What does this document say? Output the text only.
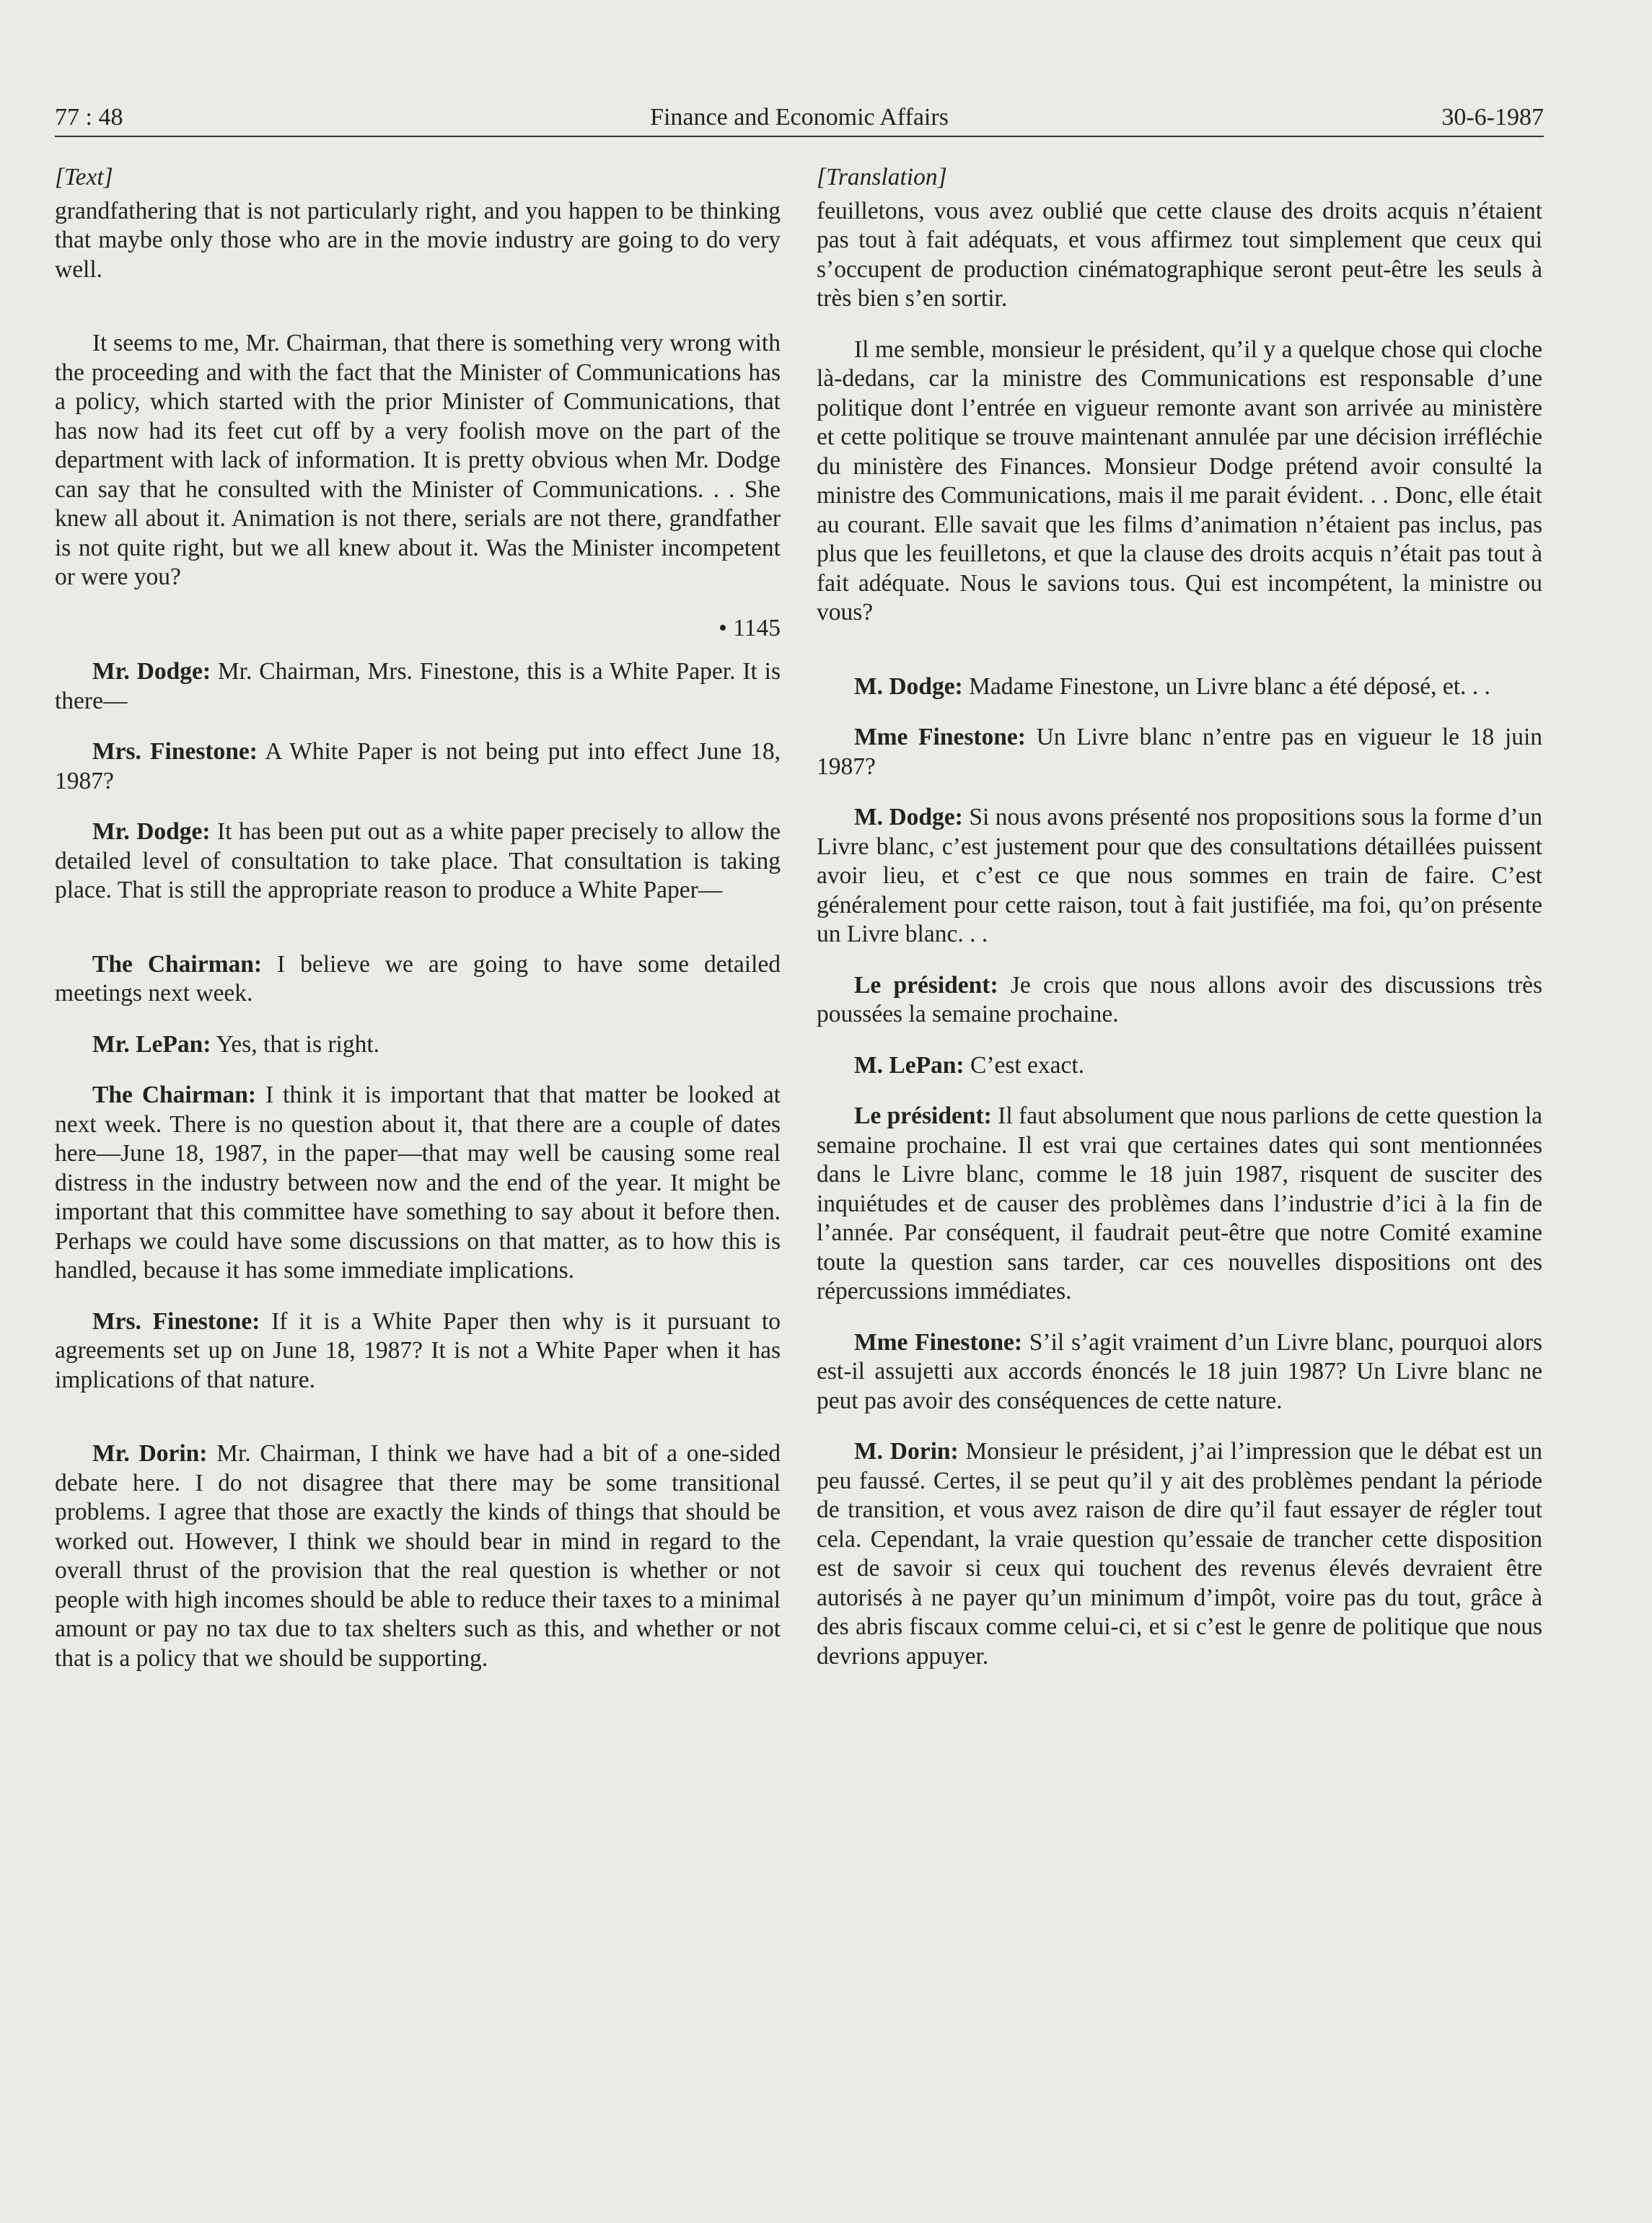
77 : 48	Finance and Economic Affairs	30-6-1987
[Text]

grandfathering that is not particularly right, and you happen to be thinking that maybe only those who are in the movie industry are going to do very well.

It seems to me, Mr. Chairman, that there is something very wrong with the proceeding and with the fact that the Minister of Communications has a policy, which started with the prior Minister of Communications, that has now had its feet cut off by a very foolish move on the part of the department with lack of information. It is pretty obvious when Mr. Dodge can say that he consulted with the Minister of Communications. . . She knew all about it. Animation is not there, serials are not there, grandfather is not quite right, but we all knew about it. Was the Minister incompetent or were you?

• 1145

Mr. Dodge: Mr. Chairman, Mrs. Finestone, this is a White Paper. It is there—

Mrs. Finestone: A White Paper is not being put into effect June 18, 1987?

Mr. Dodge: It has been put out as a white paper precisely to allow the detailed level of consultation to take place. That consultation is taking place. That is still the appropriate reason to produce a White Paper—

The Chairman: I believe we are going to have some detailed meetings next week.

Mr. LePan: Yes, that is right.

The Chairman: I think it is important that that matter be looked at next week. There is no question about it, that there are a couple of dates here—June 18, 1987, in the paper—that may well be causing some real distress in the industry between now and the end of the year. It might be important that this committee have something to say about it before then. Perhaps we could have some discussions on that matter, as to how this is handled, because it has some immediate implications.

Mrs. Finestone: If it is a White Paper then why is it pursuant to agreements set up on June 18, 1987? It is not a White Paper when it has implications of that nature.

Mr. Dorin: Mr. Chairman, I think we have had a bit of a one-sided debate here. I do not disagree that there may be some transitional problems. I agree that those are exactly the kinds of things that should be worked out. However, I think we should bear in mind in regard to the overall thrust of the provision that the real question is whether or not people with high incomes should be able to reduce their taxes to a minimal amount or pay no tax due to tax shelters such as this, and whether or not that is a policy that we should be supporting.

[Translation]

feuilletons, vous avez oublié que cette clause des droits acquis n’étaient pas tout à fait adéquats, et vous affirmez tout simplement que ceux qui s’occupent de production cinématographique seront peut-être les seuls à très bien s’en sortir.

Il me semble, monsieur le président, qu’il y a quelque chose qui cloche là-dedans, car la ministre des Communications est responsable d’une politique dont l’entrée en vigueur remonte avant son arrivée au ministère et cette politique se trouve maintenant annulée par une décision irréfléchie du ministère des Finances. Monsieur Dodge prétend avoir consulté la ministre des Communications, mais il me parait évident. . . Donc, elle était au courant. Elle savait que les films d’animation n’étaient pas inclus, pas plus que les feuilletons, et que la clause des droits acquis n’était pas tout à fait adéquate. Nous le savions tous. Qui est incompétent, la ministre ou vous?

M. Dodge: Madame Finestone, un Livre blanc a été déposé, et. . .

Mme Finestone: Un Livre blanc n’entre pas en vigueur le 18 juin 1987?

M. Dodge: Si nous avons présenté nos propositions sous la forme d’un Livre blanc, c’est justement pour que des consultations détaillées puissent avoir lieu, et c’est ce que nous sommes en train de faire. C’est généralement pour cette raison, tout à fait justifiée, ma foi, qu’on présente un Livre blanc. . .

Le président: Je crois que nous allons avoir des discussions très poussées la semaine prochaine.

M. LePan: C’est exact.

Le président: Il faut absolument que nous parlions de cette question la semaine prochaine. Il est vrai que certaines dates qui sont mentionnées dans le Livre blanc, comme le 18 juin 1987, risquent de susciter des inquiétudes et de causer des problèmes dans l’industrie d’ici à la fin de l’année. Par conséquent, il faudrait peut-être que notre Comité examine toute la question sans tarder, car ces nouvelles dispositions ont des répercussions immédiates.

Mme Finestone: S’il s’agit vraiment d’un Livre blanc, pourquoi alors est-il assujetti aux accords énoncés le 18 juin 1987? Un Livre blanc ne peut pas avoir des conséquences de cette nature.

M. Dorin: Monsieur le président, j’ai l’impression que le débat est un peu faussé. Certes, il se peut qu’il y ait des problèmes pendant la période de transition, et vous avez raison de dire qu’il faut essayer de régler tout cela. Cependant, la vraie question qu’essaie de trancher cette disposition est de savoir si ceux qui touchent des revenus élevés devraient être autorisés à ne payer qu’un minimum d’impôt, voire pas du tout, grâce à des abris fiscaux comme celui-ci, et si c’est le genre de politique que nous devrions appuyer.
